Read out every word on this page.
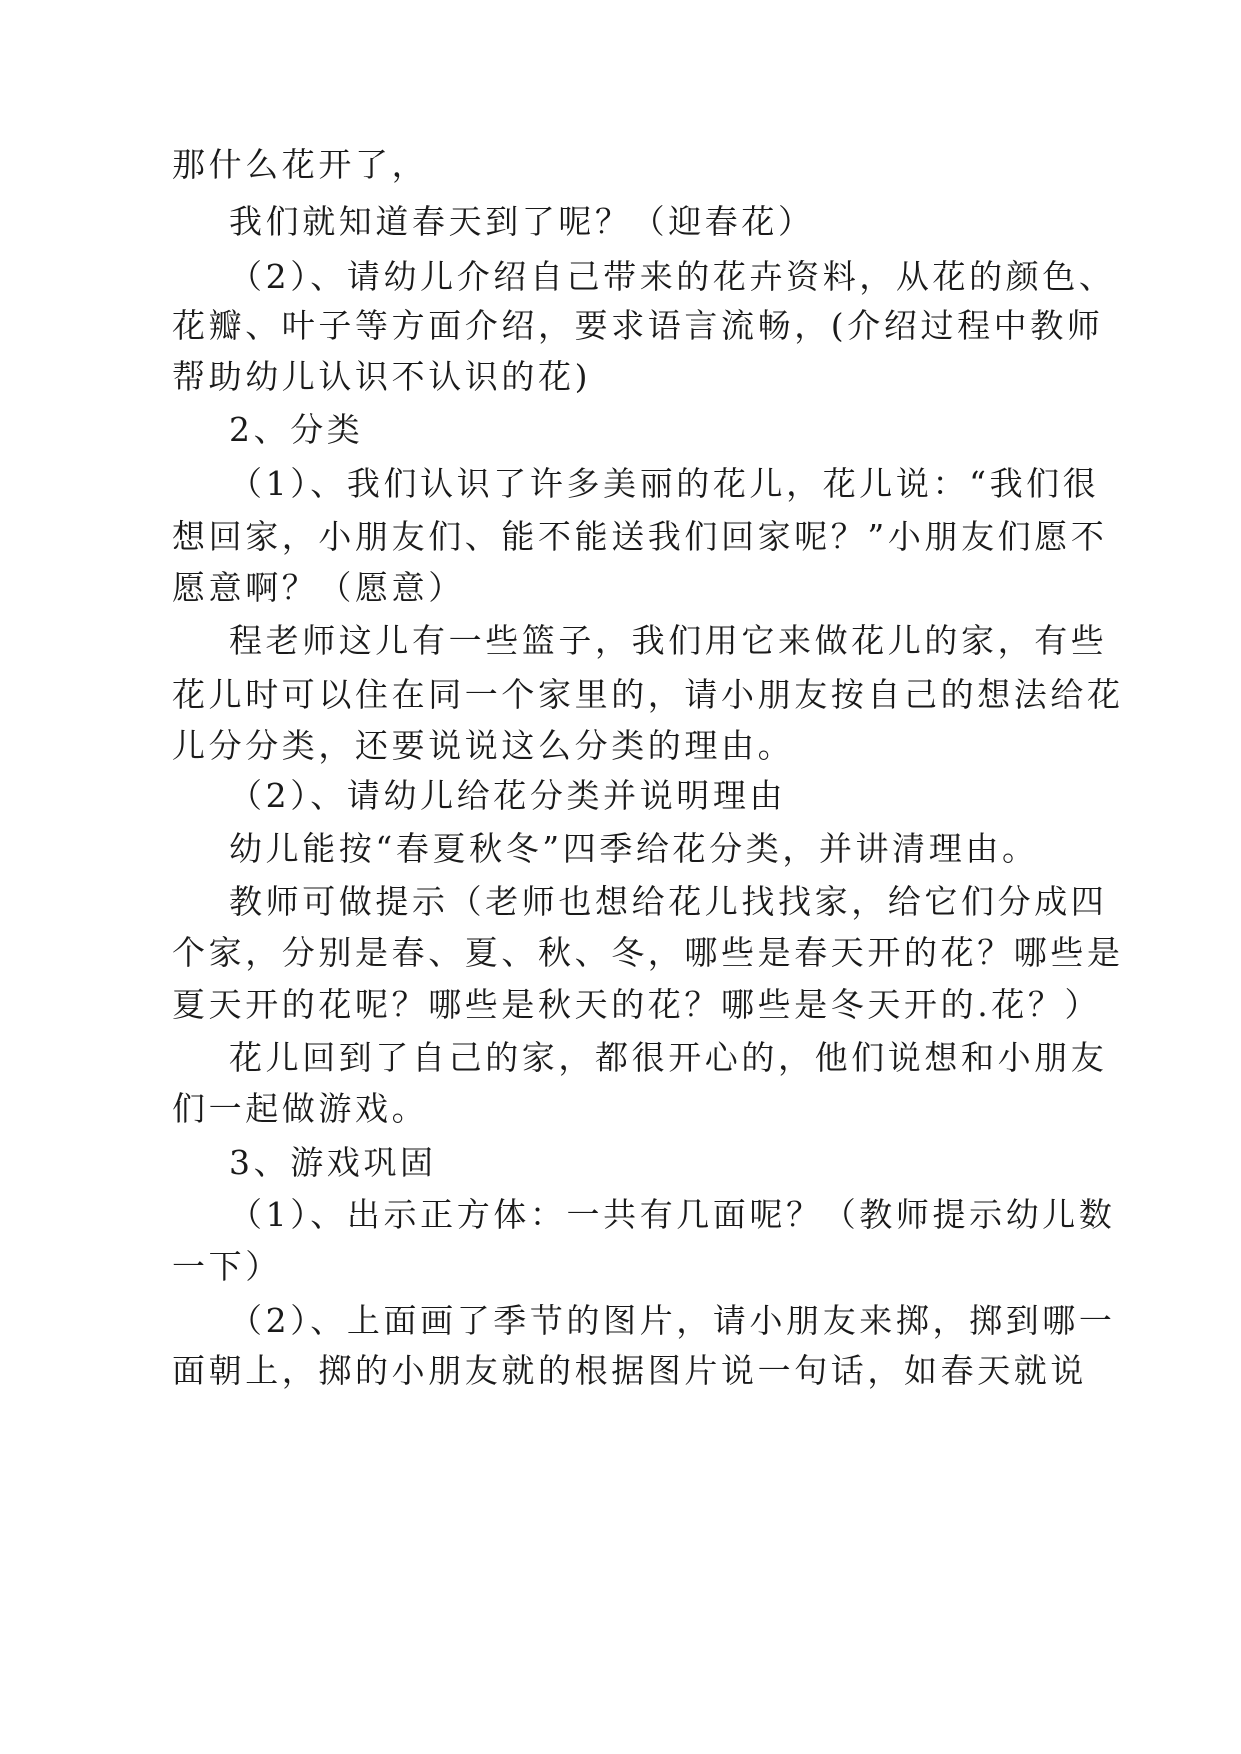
那什么花开了，
我们就知道春天到了呢？（迎春花）
（2）、请幼儿介绍自己带来的花卉资料，从花的颜色、
花瓣、叶子等方面介绍，要求语言流畅，(介绍过程中教师
帮助幼儿认识不认识的花)
2、分类
（1）、我们认识了许多美丽的花儿，花儿说：“我们很
想回家，小朋友们、能不能送我们回家呢？”小朋友们愿不
愿意啊？（愿意）
程老师这儿有一些篮子，我们用它来做花儿的家，有些
花儿时可以住在同一个家里的，请小朋友按自己的想法给花
儿分分类，还要说说这么分类的理由。
（2）、请幼儿给花分类并说明理由
幼儿能按“春夏秋冬”四季给花分类，并讲清理由。
教师可做提示（老师也想给花儿找找家，给它们分成四
个家，分别是春、夏、秋、冬，哪些是春天开的花？哪些是
夏天开的花呢？哪些是秋天的花？哪些是冬天开的.花？）
花儿回到了自己的家，都很开心的，他们说想和小朋友
们一起做游戏。
3、游戏巩固
（1）、出示正方体：一共有几面呢？（教师提示幼儿数
一下）
（2）、上面画了季节的图片，请小朋友来掷，掷到哪一
面朝上，掷的小朋友就的根据图片说一句话，如春天就说
